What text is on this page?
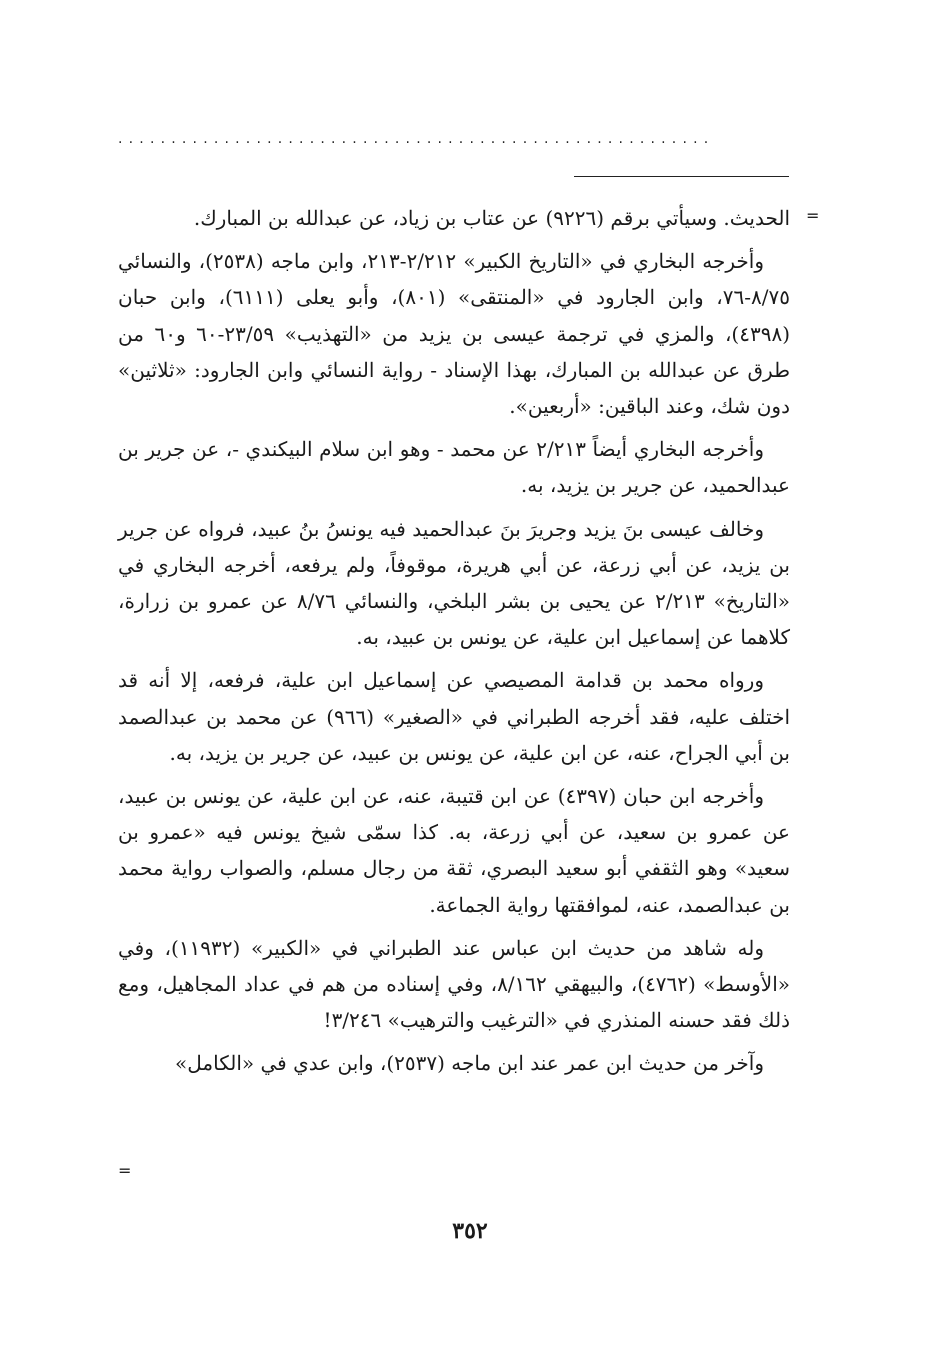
........................................................
=

الحديث. وسيأتي برقم (٩٢٢٦) عن عتاب بن زياد، عن عبدالله بن المبارك.

وأخرجه البخاري في «التاريخ الكبير» ٢/٢١٢-٢١٣، وابن ماجه (٢٥٣٨)، والنسائي ٨/٧٥-٧٦، وابن الجارود في «المنتقى» (٨٠١)، وأبو يعلى (٦١١١)، وابن حبان (٤٣٩٨)، والمزي في ترجمة عيسى بن يزيد من «التهذيب» ٢٣/٥٩-٦٠ و٦٠ من طرق عن عبدالله بن المبارك، بهذا الإسناد - رواية النسائي وابن الجارود: «ثلاثين» دون شك، وعند الباقين: «أربعين».

وأخرجه البخاري أيضاً ٢/٢١٣ عن محمد - وهو ابن سلام البيكندي -، عن جرير بن عبدالحميد، عن جرير بن يزيد، به.

وخالف عيسى بنَ يزيد وجريرَ بنَ عبدالحميد فيه يونسُ بنُ عبيد، فرواه عن جرير بن يزيد، عن أبي زرعة، عن أبي هريرة، موقوفاً، ولم يرفعه، أخرجه البخاري في «التاريخ» ٢/٢١٣ عن يحيى بن بشر البلخي، والنسائي ٨/٧٦ عن عمرو بن زرارة، كلاهما عن إسماعيل ابن علية، عن يونس بن عبيد، به.

ورواه محمد بن قدامة المصيصي عن إسماعيل ابن علية، فرفعه، إلا أنه قد اختلف عليه، فقد أخرجه الطبراني في «الصغير» (٩٦٦) عن محمد بن عبدالصمد بن أبي الجراح، عنه، عن ابن علية، عن يونس بن عبيد، عن جرير بن يزيد، به.

وأخرجه ابن حبان (٤٣٩٧) عن ابن قتيبة، عنه، عن ابن علية، عن يونس بن عبيد، عن عمرو بن سعيد، عن أبي زرعة، به. كذا سمّى شيخ يونس فيه «عمرو بن سعيد» وهو الثقفي أبو سعيد البصري، ثقة من رجال مسلم، والصواب رواية محمد بن عبدالصمد، عنه، لموافقتها رواية الجماعة.

وله شاهد من حديث ابن عباس عند الطبراني في «الكبير» (١١٩٣٢)، وفي «الأوسط» (٤٧٦٢)، والبيهقي ٨/١٦٢، وفي إسناده من هم في عداد المجاهيل، ومع ذلك فقد حسنه المنذري في «الترغيب والترهيب» ٣/٢٤٦!

وآخر من حديث ابن عمر عند ابن ماجه (٢٥٣٧)، وابن عدي في «الكامل»

=
٣٥٢
